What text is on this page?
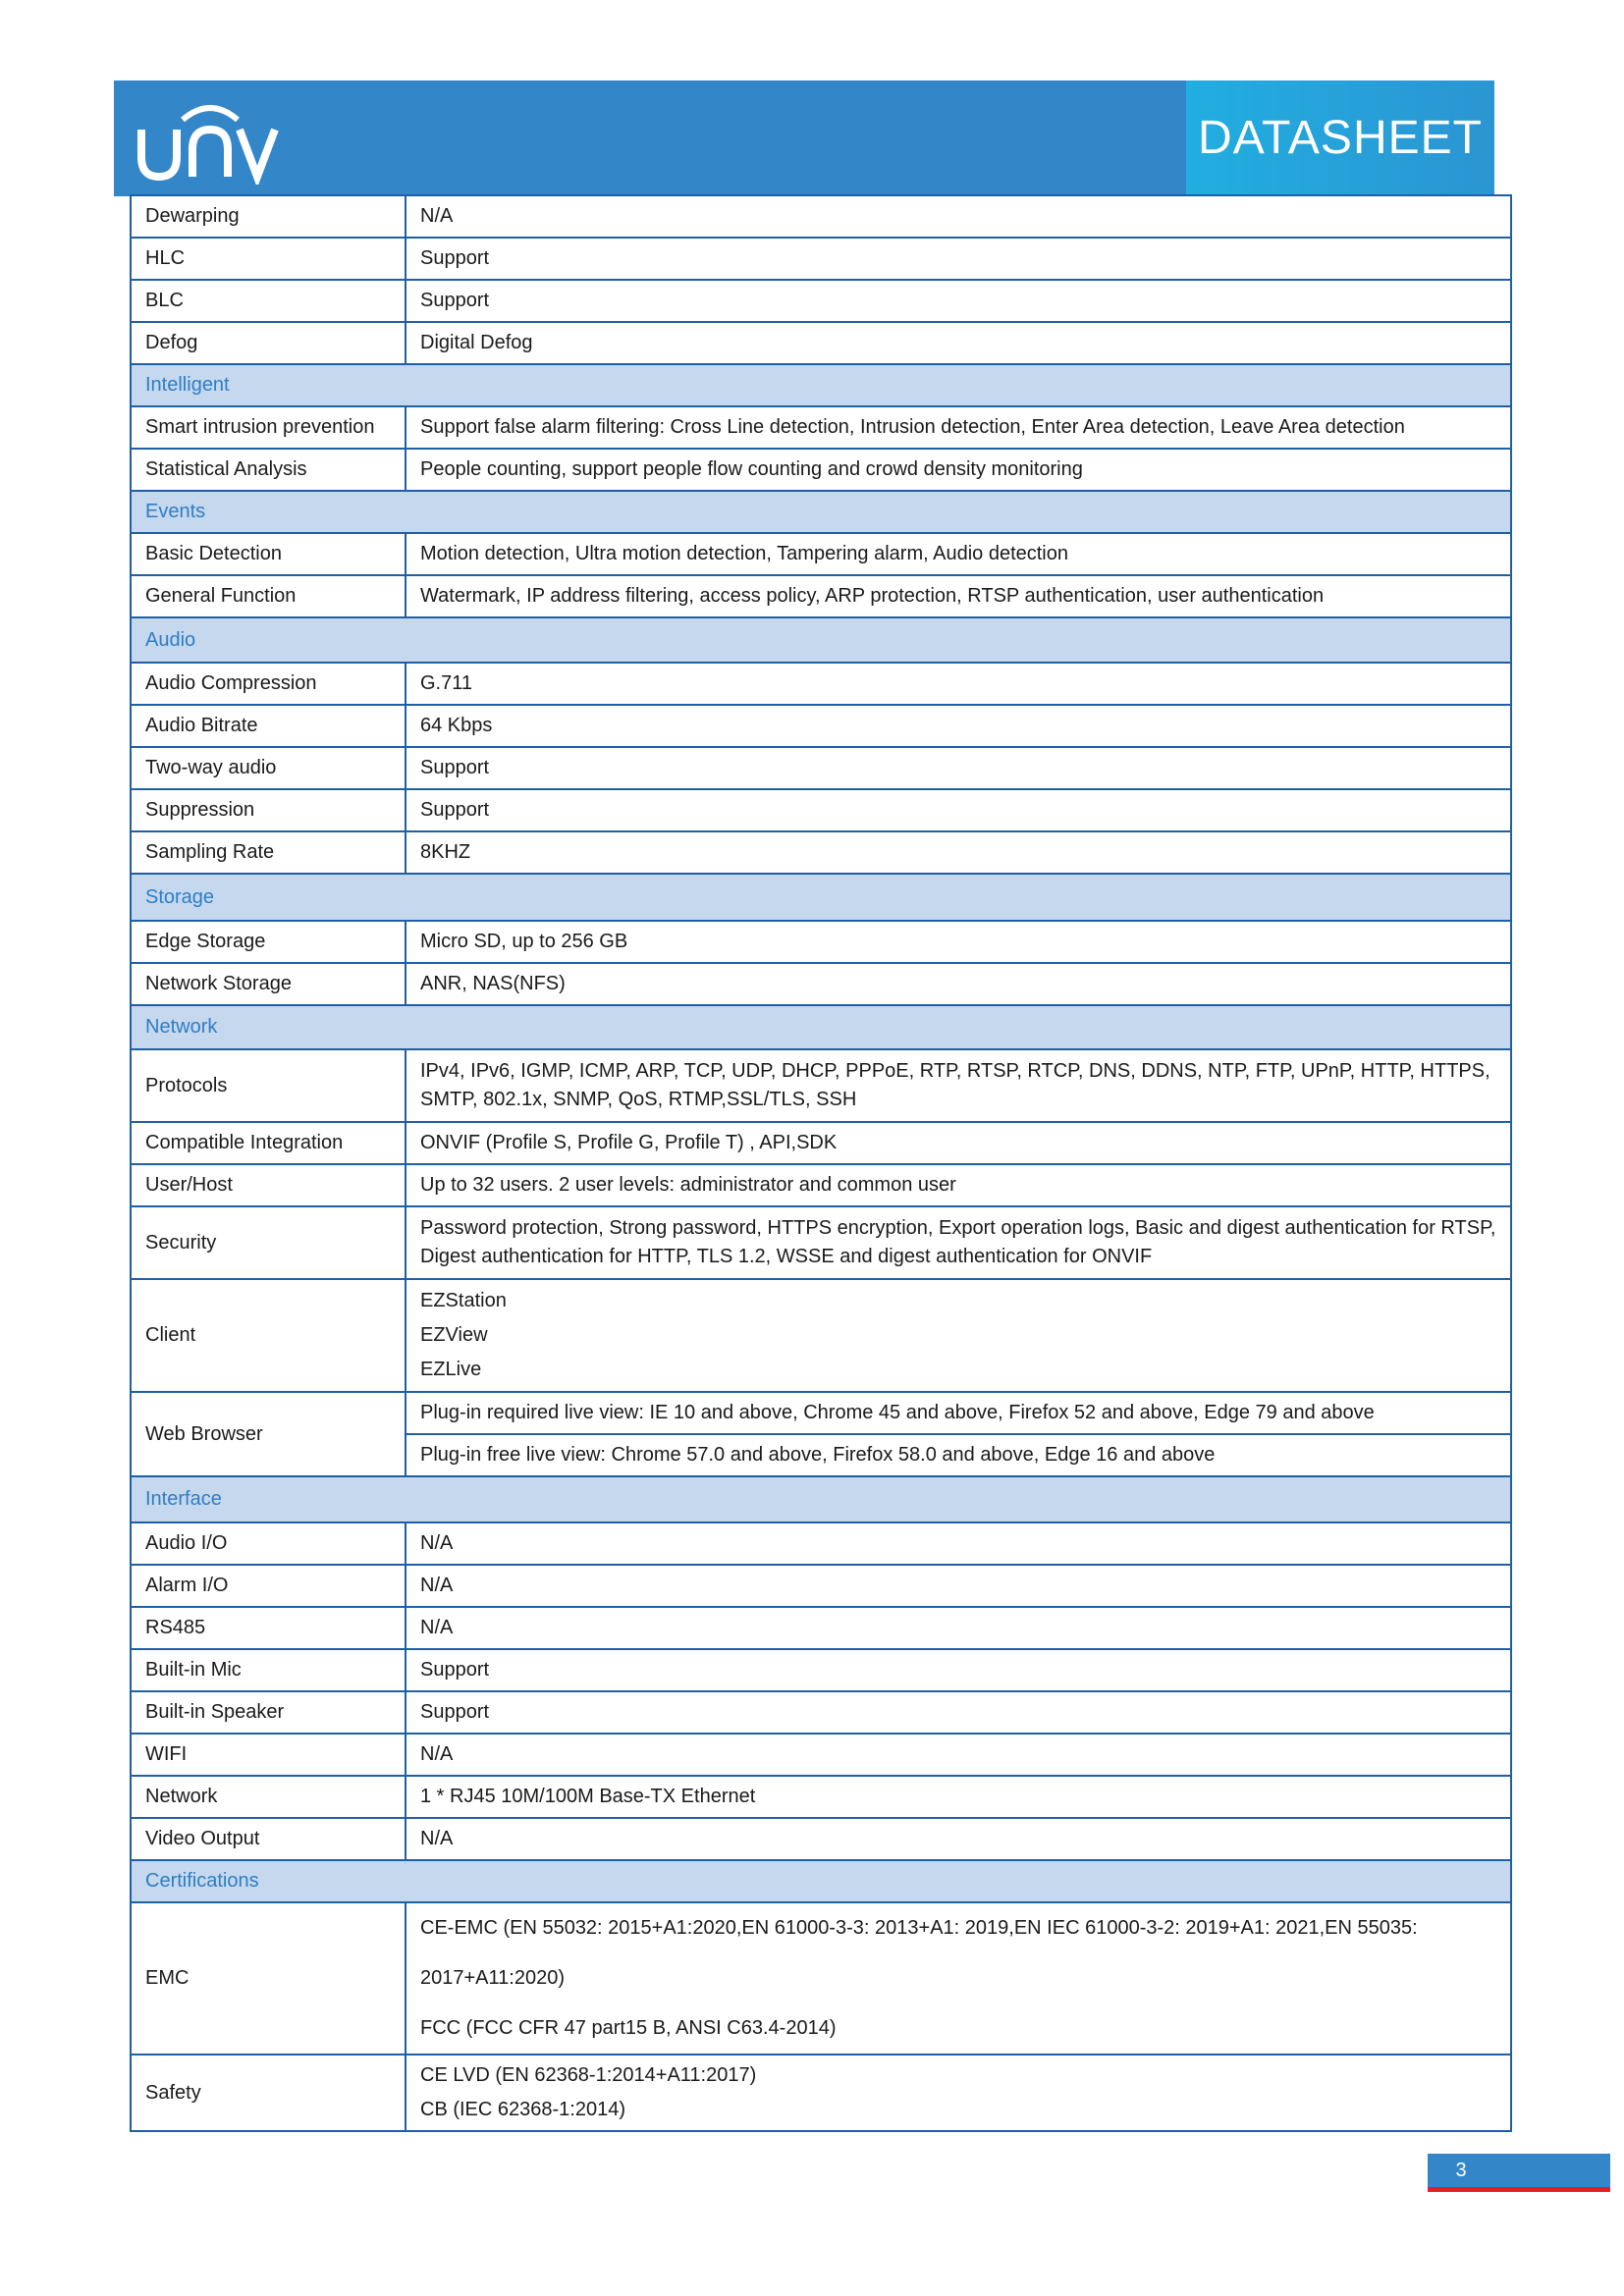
DATASHEET
Dewarping	N/A

HLC	Support

BLC	Support

Defog	Digital Defog

Intelligent	
Smart intrusion prevention	Support false alarm filtering: Cross Line detection, Intrusion detection, Enter Area detection, Leave Area detection

Statistical Analysis	People counting, support people flow counting and crowd density monitoring

Events	
Basic Detection	Motion detection, Ultra motion detection, Tampering alarm, Audio detection

General Function	Watermark, IP address filtering, access policy, ARP protection, RTSP authentication, user authentication

Audio	
Audio Compression	G.711

Audio Bitrate	64 Kbps

Two-way audio	Support

Suppression	Support

Sampling Rate	8KHZ

Storage	
Edge Storage	Micro SD, up to 256 GB

Network Storage	ANR, NAS(NFS)

Network	
Protocols	IPv4, IPv6, IGMP, ICMP, ARP, TCP, UDP, DHCP, PPPoE, RTP, RTSP, RTCP, DNS, DDNS, NTP, FTP, UPnP, HTTP, HTTPS, SMTP, 802.1x, SNMP, QoS, RTMP,SSL/TLS, SSH

Compatible Integration	ONVIF (Profile S, Profile G, Profile T) , API,SDK

User/Host	Up to 32 users. 2 user levels: administrator and common user

Security	Password protection, Strong password, HTTPS encryption, Export operation logs, Basic and digest authentication for RTSP, Digest authentication for HTTP, TLS 1.2, WSSE and digest authentication for ONVIF

Client	EZStation
EZView
EZLive

Web Browser	Plug-in required live view: IE 10 and above, Chrome 45 and above, Firefox 52 and above, Edge 79 and above
	Plug-in free live view: Chrome 57.0 and above, Firefox 58.0 and above, Edge 16 and above
Interface	
Audio I/O	N/A

Alarm I/O	N/A

RS485	N/A

Built-in Mic	Support

Built-in Speaker	Support

WIFI	N/A

Network	1 * RJ45 10M/100M Base-TX Ethernet

Video Output	N/A

Certifications	
EMC	CE-EMC (EN 55032: 2015+A1:2020,EN 61000-3-3: 2013+A1: 2019,EN IEC 61000-3-2: 2019+A1: 2021,EN 55035: 2017+A11:2020)
FCC (FCC CFR 47 part15 B, ANSI C63.4-2014)

Safety	CE LVD (EN 62368-1:2014+A11:2017)
CB (IEC 62368-1:2014)
3
